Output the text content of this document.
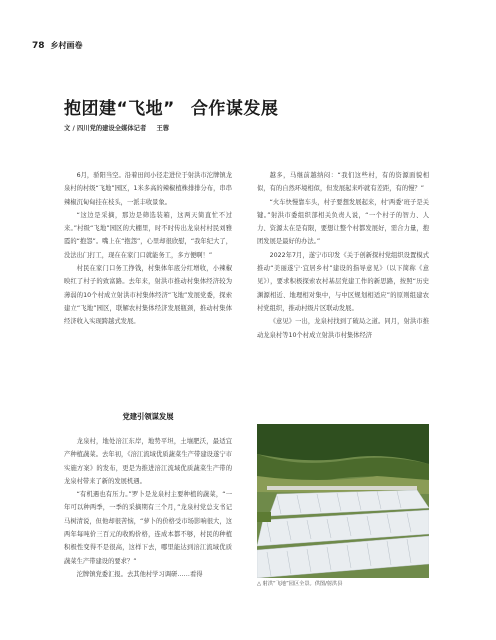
78 乡村画卷
抱团建“飞地” 合作谋发展
文 / 四川党的建设全媒体记者 王蓉

6月，骄阳当空。沿着田间小径走进位于射洪市沱牌镇龙泉村的村级“飞地”园区，1米多高的辣椒植株排排分布，串串辣椒沉甸甸挂在枝头，一派丰收景象。

“这边是采摘，那边是筛选装箱，这两天简直忙不过来。”村级“飞地”园区的大棚里，时不时传出龙泉村村民刘雅霞的“抱怨”。嘴上在“抱怨”，心里却很欣慰，“我年纪大了，没法出门打工，现在在家门口就能务工，多方便啊！”

村民在家门口务工挣钱，村集体年底分红增收，小辣椒映红了村子的致富路。去年来，射洪市推动村集体经济较为薄弱的10个村成立射洪市村集体经济“飞地”发展党委，探索建立“飞地”园区，联解农村集体经济发展瓶颈，推动村集体经济收入实现跨越式发展。

党建引领谋发展

龙泉村，地处涪江东岸，地势平坦，土壤肥沃，最适宜产种植蔬菜。去年初，《涪江流域优质蔬菜生产带建设遂宁市实施方案》的发布，更是为推进涪江流域优质蔬菜生产带的龙泉村带来了新的发展机遇。

“有机遇也有压力。”罗卜是龙泉村主要种植的蔬菜，“一年可以种两季，一季的采摘期有三个月，”龙泉村党总支书记马树清说，但他却很苦恼，“萝卜的价格受市场影响很大，这两年每吨价三百元的收购价格，连成本都不够，村民的种植积极性变得不是很高，这样下去，哪里能达到涪江流域优质蔬菜生产带建设的要求？”

沱牌镇党委汇报。去其他村学习调研……看得

越多，马继前越纳闷：“我们这些村，有的资源面貌相似，有的自然环境相似，但发展起来咋就有差距，有的慢？”

“火车快慢靠车头，村子要想发展起来，村‘两委’班子是关键。”射洪市委组织部相关负责人说，“一个村子的智力、人力、资源太在是有限，要想让整个村都发展好，需合力量，抱团发展是最好的办法。”

2022年7月，遂宁市印发《关于创新探村党组织设置模式推动“美丽遂宁·宜居乡村”建设的指导意见》（以下简称《意见》），要求积极探索农村基层党建工作的新思路，按照“历史渊源相近、地理相对集中，与中区规划相适应”的原则组建农村党组织，推动村级片区联动发展。

《意见》一出，龙泉村找到了破局之道。同月，射洪市推动龙泉村等10个村成立射洪市村集体经济

△ 射洪“飞地”园区全景。供图/射洪县
